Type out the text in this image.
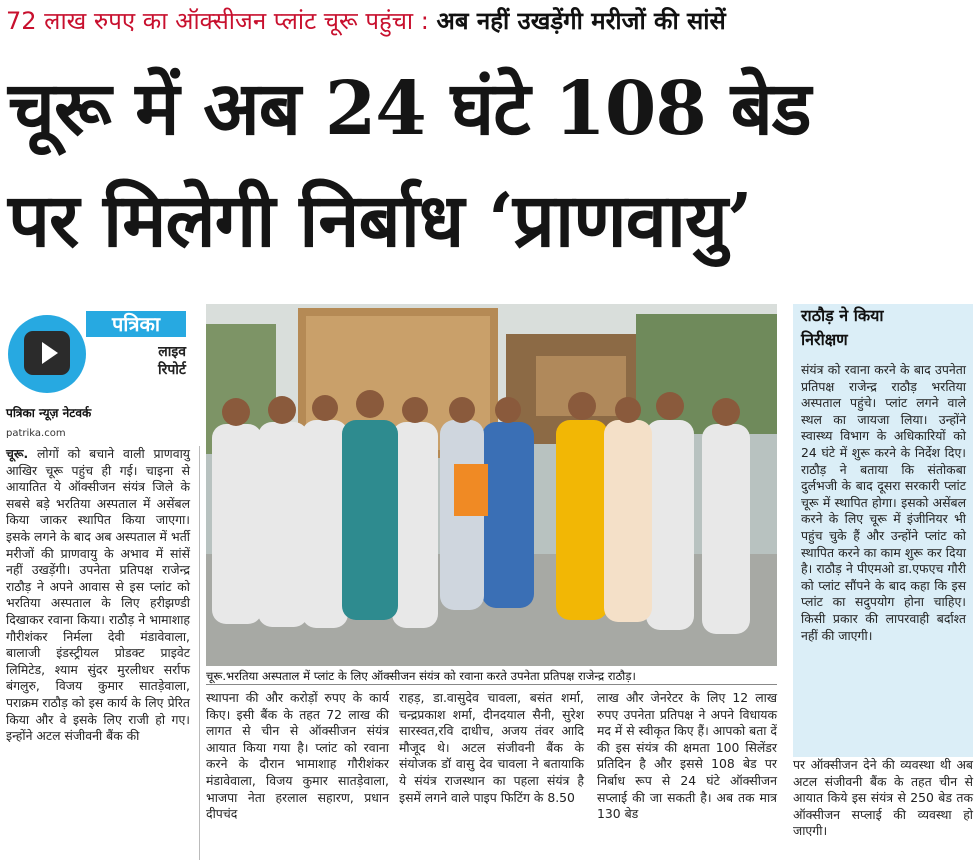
72 लाख रुपए का ऑक्सीजन प्लांट चूरू पहुंचा : अब नहीं उखड़ेंगी मरीजों की सांसें
चूरू में अब 24 घंटे 108 बेड
पर मिलेगी निर्बाध ‘प्राणवायु’
पत्रिका
लाइव
रिपोर्ट
पत्रिका न्यूज़ नेटवर्क
patrika.com
चूरू. लोगों को बचाने वाली प्राणवायु आखिर चूरू पहुंच ही गई। चाइना से आयातित ये ऑक्सीजन संयंत्र जिले के सबसे बड़े भरतिया अस्पताल में असेंबल किया जाकर स्थापित किया जाएगा। इसके लगने के बाद अब अस्पताल में भर्ती मरीजों की प्राणवायु के अभाव में सांसें नहीं उखड़ेंगी। उपनेता प्रतिपक्ष राजेन्द्र राठौड़ ने अपने आवास से इस प्लांट को भरतिया अस्पताल के लिए हरीझण्डी दिखाकर रवाना किया। राठौड़ ने भामाशाह गौरीशंकर निर्मला देवी मंडावेवाला, बालाजी इंडस्ट्रीयल प्रोडक्ट प्राइवेट लिमिटेड, श्याम सुंदर मुरलीधर सर्राफ बंगलुरु, विजय कुमार सातड़ेवाला, पराक्रम राठौड़ को इस कार्य के लिए प्रेरित किया और वे इसके लिए राजी हो गए। इन्होंने अटल संजीवनी बैंक की
चूरू.भरतिया अस्पताल में प्लांट के लिए ऑक्सीजन संयंत्र को रवाना करते उपनेता प्रतिपक्ष राजेन्द्र राठौड़।
स्थापना की और करोड़ों रुपए के कार्य किए। इसी बैंक के तहत 72 लाख की लागत से चीन से ऑक्सीजन संयंत्र आयात किया गया है। प्लांट को रवाना करने के दौरान भामाशाह गौरीशंकर मंडावेवाला, विजय कुमार सातड़ेवाला, भाजपा नेता हरलाल सहारण, प्रधान दीपचंद
राहड़, डा.वासुदेव चावला, बसंत शर्मा, चन्द्रप्रकाश शर्मा, दीनदयाल सैनी, सुरेश सारस्वत,रवि दाधीच, अजय तंवर आदि मौजूद थे। अटल संजीवनी बैंक के संयोजक डॉ वासु देव चावला ने बतायाकि ये संयंत्र राजस्थान का पहला संयंत्र है इसमें लगने वाले पाइप फिटिंग के 8.50
लाख और जेनरेटर के लिए 12 लाख रुपए उपनेता प्रतिपक्ष ने अपने विधायक मद में से स्वीकृत किए हैं। आपको बता दें की इस संयंत्र की क्षमता 100 सिलेंडर प्रतिदिन है और इससे 108 बेड पर निर्बाध रूप से 24 घंटे ऑक्सीजन सप्लाई की जा सकती है। अब तक मात्र 130 बेड
राठौड़ ने किया
निरीक्षण
संयंत्र को रवाना करने के बाद उपनेता प्रतिपक्ष राजेन्द्र राठौड़ भरतिया अस्पताल पहुंचे। प्लांट लगने वाले स्थल का जायजा लिया। उन्होंने स्वास्थ्य विभाग के अधिकारियों को 24 घंटे में शुरू करने के निर्देश दिए। राठौड़ ने बताया कि संतोकबा दुर्लभजी के बाद दूसरा सरकारी प्लांट चूरू में स्थापित होगा। इसको असेंबल करने के लिए चूरू में इंजीनियर भी पहुंच चुके हैं और उन्होंने प्लांट को स्थापित करने का काम शुरू कर दिया है। राठौड़ ने पीएमओ डा.एफएच गौरी को प्लांट सौंपने के बाद कहा कि इस प्लांट का सदुपयोग होना चाहिए। किसी प्रकार की लापरवाही बर्दाश्त नहीं की जाएगी।
पर ऑक्सीजन देने की व्यवस्था थी अब अटल संजीवनी बैंक के तहत चीन से आयात किये इस संयंत्र से 250 बेड तक ऑक्सीजन सप्लाई की व्यवस्था हो जाएगी।
